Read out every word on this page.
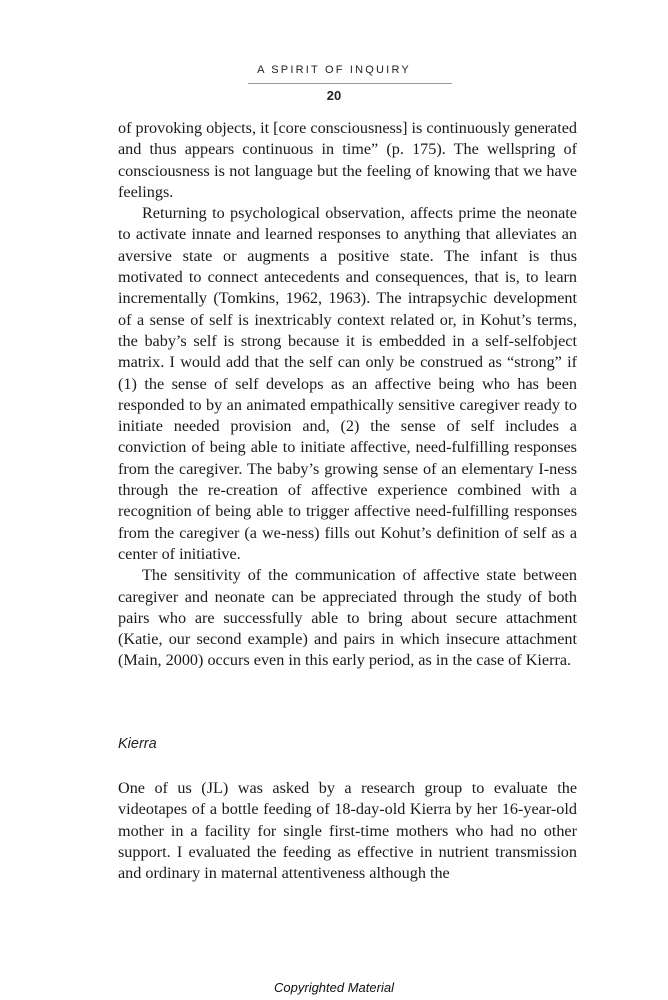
A SPIRIT OF INQUIRY
20

of provoking objects, it [core consciousness] is continuously generated and thus appears continuous in time” (p. 175). The wellspring of consciousness is not language but the feeling of knowing that we have feelings.

Returning to psychological observation, affects prime the neonate to activate innate and learned responses to anything that alleviates an aversive state or augments a positive state. The infant is thus motivated to connect antecedents and consequences, that is, to learn incrementally (Tomkins, 1962, 1963). The intrapsychic development of a sense of self is inextricably context related or, in Kohut’s terms, the baby’s self is strong because it is embedded in a self-selfobject matrix. I would add that the self can only be construed as “strong” if (1) the sense of self develops as an affective being who has been responded to by an animated empathically sensitive caregiver ready to initiate needed provision and, (2) the sense of self includes a conviction of being able to initiate affective, need-fulfilling responses from the caregiver. The baby’s growing sense of an elementary I-ness through the re-creation of affective experience combined with a recognition of being able to trigger affective need-fulfilling responses from the caregiver (a we-ness) fills out Kohut’s definition of self as a center of initiative.

The sensitivity of the communication of affective state between caregiver and neonate can be appreciated through the study of both pairs who are successfully able to bring about secure attachment (Katie, our second example) and pairs in which insecure attachment (Main, 2000) occurs even in this early period, as in the case of Kierra.

Kierra

One of us (JL) was asked by a research group to evaluate the videotapes of a bottle feeding of 18-day-old Kierra by her 16-year-old mother in a facility for single first-time mothers who had no other support. I evaluated the feeding as effective in nutrient transmission and ordinary in maternal attentiveness although the

Copyrighted Material
